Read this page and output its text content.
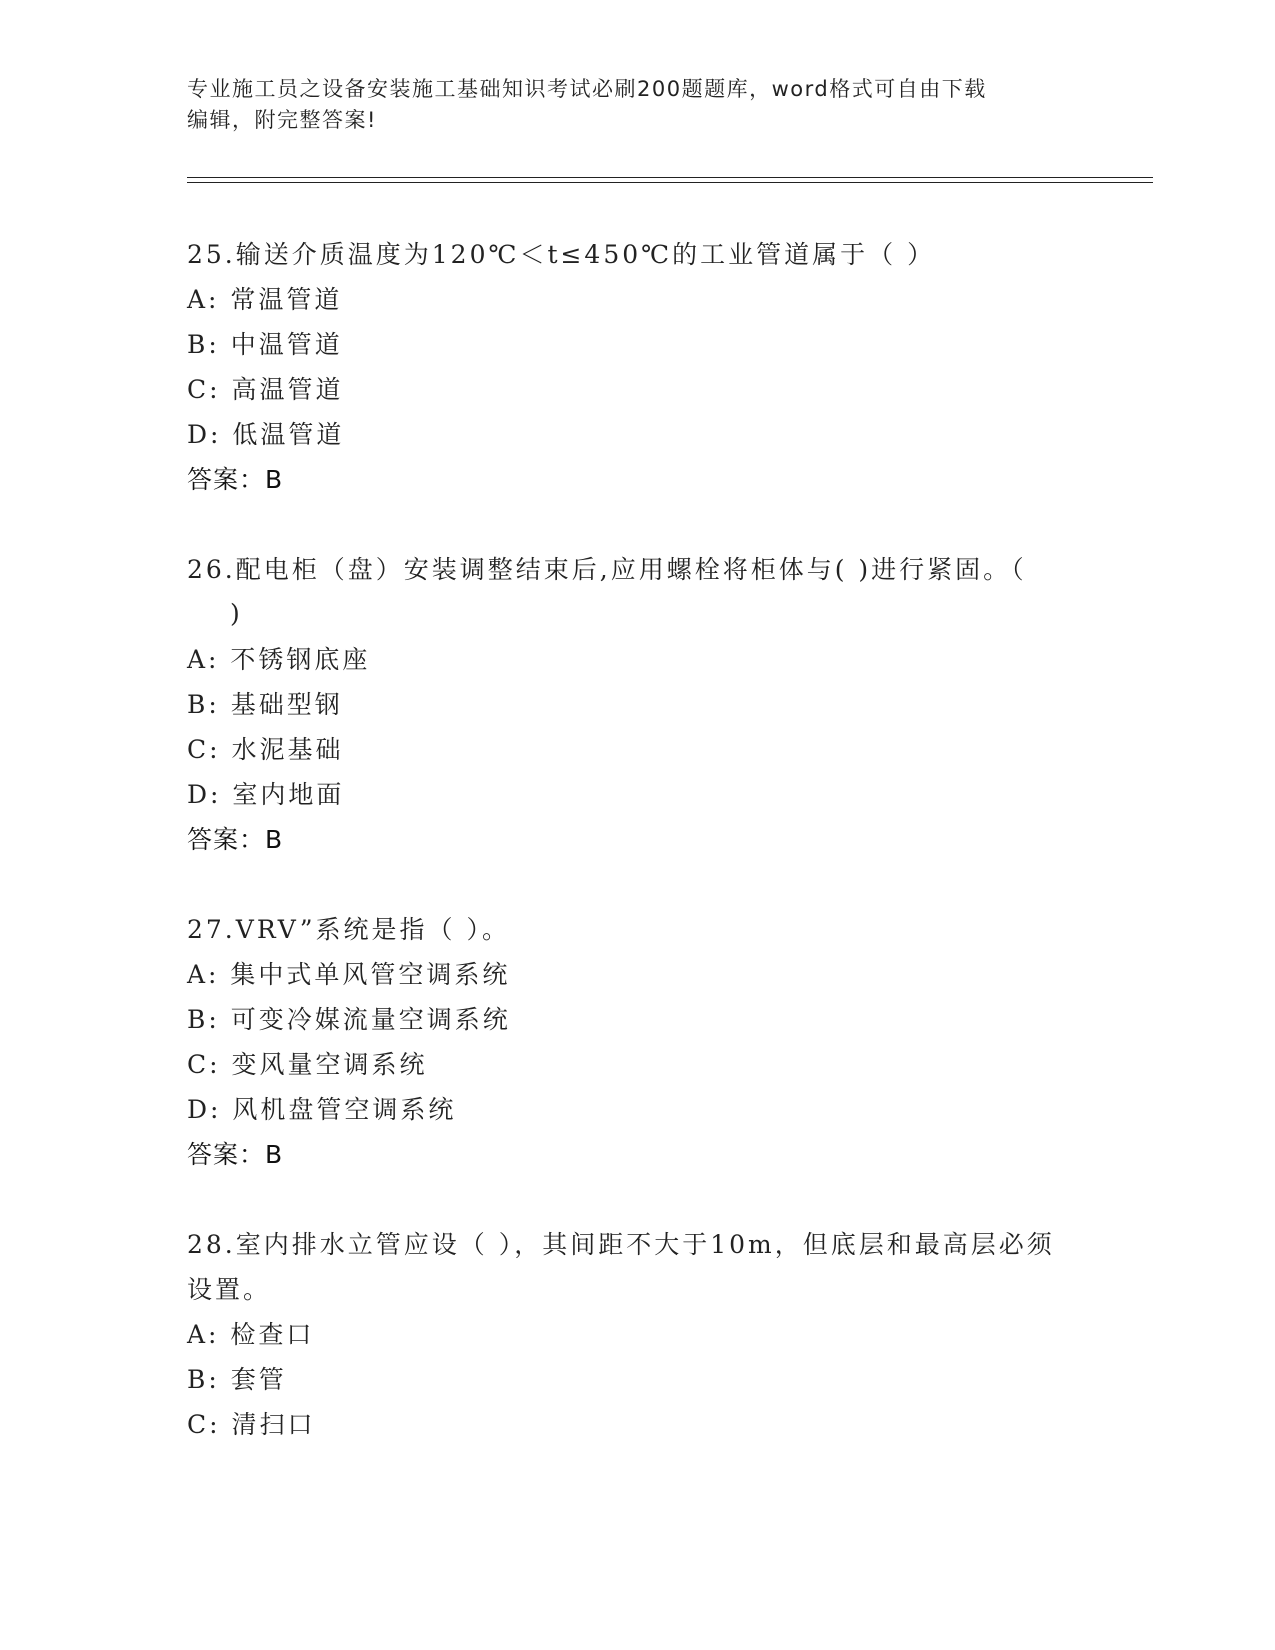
专业施工员之设备安装施工基础知识考试必刷200题题库，word格式可自由下载
编辑，附完整答案!
25.输送介质温度为120℃＜t≤450℃的工业管道属于（ ）
A: 常温管道
B: 中温管道
C: 高温管道
D: 低温管道
答案：B
26.配电柜（盘）安装调整结束后,应用螺栓将柜体与( )进行紧固。（
)
A: 不锈钢底座
B: 基础型钢
C: 水泥基础
D: 室内地面
答案：B
27.VRV”系统是指（ ）。
A: 集中式单风管空调系统
B: 可变冷媒流量空调系统
C: 变风量空调系统
D: 风机盘管空调系统
答案：B
28.室内排水立管应设（ ），其间距不大于10m，但底层和最高层必须
设置。
A: 检查口
B: 套管
C: 清扫口
